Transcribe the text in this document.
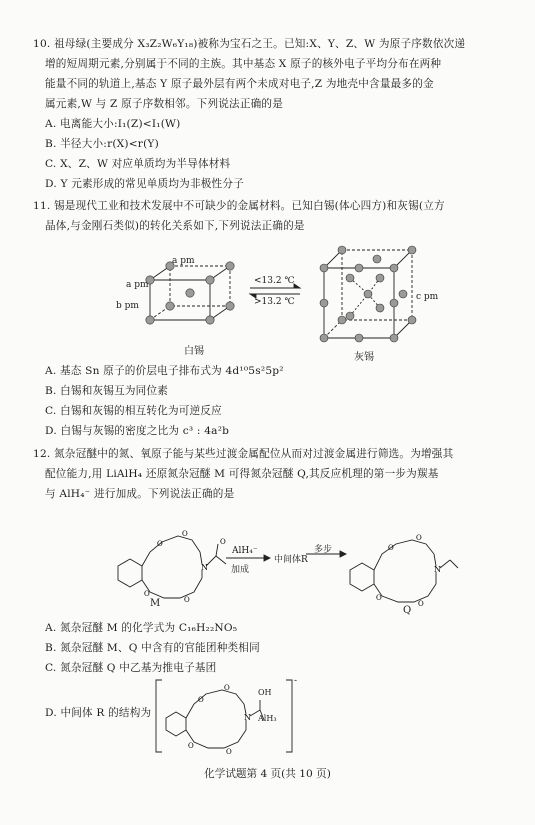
10. 祖母绿(主要成分 X₃Z₂W₆Y₁₈)被称为宝石之王。已知:X、Y、Z、W 为原子序数依次递
增的短周期元素,分别属于不同的主族。其中基态 X 原子的核外电子平均分布在两种
能量不同的轨道上,基态 Y 原子最外层有两个未成对电子,Z 为地壳中含量最多的金
属元素,W 与 Z 原子序数相邻。下列说法正确的是
A. 电离能大小:I₁(Z)<I₁(W)
B. 半径大小:r(X)<r(Y)
C. X、Z、W 对应单质均为半导体材料
D. Y 元素形成的常见单质均为非极性分子
11. 锡是现代工业和技术发展中不可缺少的金属材料。已知白锡(体心四方)和灰锡(立方
晶体,与金刚石类似)的转化关系如下,下列说法正确的是
a pm
a pm
b pm
c pm
<13.2 ℃
>13.2 ℃
白锡
灰锡
A. 基态 Sn 原子的价层电子排布式为 4d¹⁰5s²5p²
B. 白锡和灰锡互为同位素
C. 白锡和灰锡的相互转化为可逆反应
D. 白锡与灰锡的密度之比为 c³ : 4a²b
12. 氮杂冠醚中的氮、氧原子能与某些过渡金属配位从而对过渡金属进行筛选。为增强其
配位能力,用 LiAlH₄ 还原氮杂冠醚 M 可得氮杂冠醚 Q,其反应机理的第一步为羰基
与 AlH₄⁻ 进行加成。下列说法正确的是
N
O
O
O
O
O
N
O
O
O
O
AlH₄⁻
加成
中间体R
多步
M
Q
A. 氮杂冠醚 M 的化学式为 C₁₆H₂₂NO₅
B. 氮杂冠醚 M、Q 中含有的官能团种类相同
C. 氮杂冠醚 Q 中乙基为推电子基团
D. 中间体 R 的结构为	N
O
O
O
O
OH
AlH₃
-
化学试题第 4 页(共 10 页)
